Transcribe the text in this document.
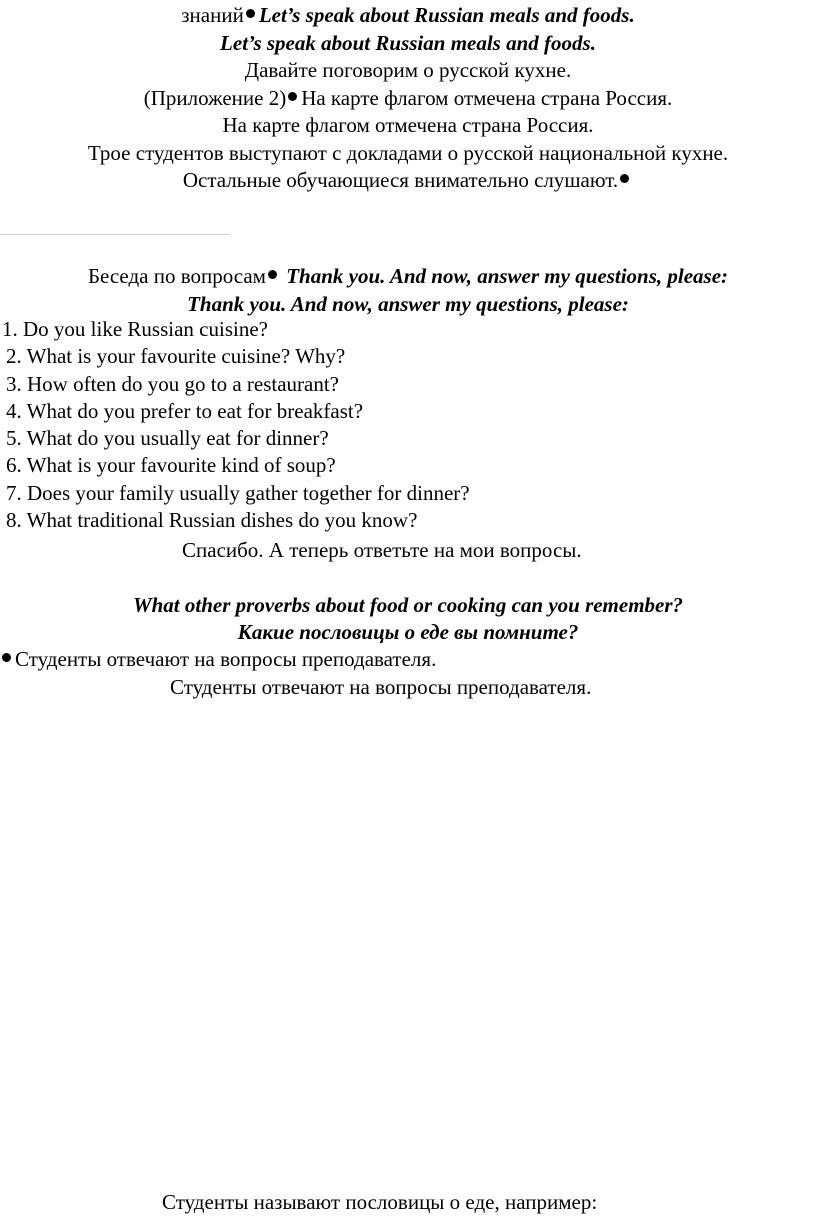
знаний Let’s speak about Russian meals and foods.
Let’s speak about Russian meals and foods.
Давайте поговорим о русской кухне.
(Приложение 2) На карте флагом отмечена страна Россия.
На карте флагом отмечена страна Россия.
Трое студентов выступают с докладами о русской национальной кухне.
Остальные обучающиеся внимательно слушают.
Беседа по вопросам Thank you. And now, answer my questions, please:
Thank you. And now, answer my questions, please:
1. Do you like Russian cuisine?
2. What is your favourite cuisine? Why?
3. How often do you go to a restaurant?
4. What do you prefer to eat for breakfast?
5. What do you usually eat for dinner?
6. What is your favourite kind of soup?
7. Does your family usually gather together for dinner?
8. What traditional Russian dishes do you know?
Спасибо. А теперь ответьте на мои вопросы.
What other proverbs about food or cooking can you remember?
Какие пословицы о еде вы помните?
Студенты отвечают на вопросы преподавателя.
Студенты отвечают на вопросы преподавателя.
Студенты называют пословицы о еде, например:
